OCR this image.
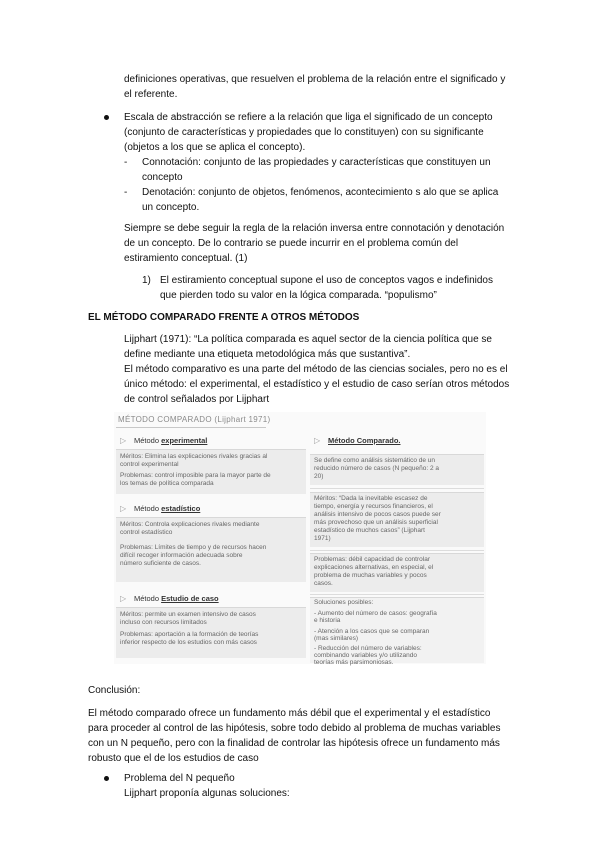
definiciones operativas, que resuelven el problema de la relación entre el significado y
el referente.
Escala de abstracción se refiere a la relación que liga el significado de un concepto
(conjunto de características y propiedades que lo constituyen) con su significante
(objetos a los que se aplica el concepto).
- Connotación: conjunto de las propiedades y características que constituyen un
concepto
- Denotación: conjunto de objetos, fenómenos, acontecimiento s alo que se aplica
un concepto.
Siempre se debe seguir la regla de la relación inversa entre connotación y denotación
de un concepto. De lo contrario se puede incurrir en el problema común del
estiramiento conceptual. (1)
1) El estiramiento conceptual supone el uso de conceptos vagos e indefinidos
que pierden todo su valor en la lógica comparada. “populismo”
EL MÉTODO COMPARADO FRENTE A OTROS MÉTODOS
Lijphart (1971): “La política comparada es aquel sector de la ciencia política que se
define mediante una etiqueta metodológica más que sustantiva”.
El método comparativo es una parte del método de las ciencias sociales, pero no es el
único método: el experimental, el estadístico y el estudio de caso serían otros métodos
de control señalados por Lijphart
MÉTODO COMPARADO (Lijphart 1971)
▷ Método experimental
Méritos: Elimina las explicaciones rivales gracias al
control experimental
Problemas: control imposible para la mayor parte de
los temas de política comparada
▷ Método estadístico
Méritos: Controla explicaciones rivales mediante
control estadístico
Problemas: Límites de tiempo y de recursos hacen
difícil recoger información adecuada sobre
número suficiente de casos.
▷ Método Estudio de caso
Méritos: permite un examen intensivo de casos
incluso con recursos limitados
Problemas: aportación a la formación de teorías
inferior respecto de los estudios con más casos
▷ Método Comparado.
Se define como análisis sistemático de un
reducido número de casos (N pequeño: 2 a
20)
Méritos: “Dada la inevitable escasez de
tiempo, energía y recursos financieros, el
análisis intensivo de pocos casos puede ser
más provechoso que un análisis superficial
estadístico de muchos casos” (Lijphart
1971)
Problemas: débil capacidad de controlar
explicaciones alternativas, en especial, el
problema de muchas variables y pocos
casos.
Soluciones posibles:
- Aumento del número de casos: geografía
e historia
- Atención a los casos que se comparan
(mas similares)
- Reducción del número de variables:
combinando variables y/o utilizando
teorías más parsimoniosas.
Conclusión:
El método comparado ofrece un fundamento más débil que el experimental y el estadístico
para proceder al control de las hipótesis, sobre todo debido al problema de muchas variables
con un N pequeño, pero con la finalidad de controlar las hipótesis ofrece un fundamento más
robusto que el de los estudios de caso
Problema del N pequeño
Lijphart proponía algunas soluciones:
